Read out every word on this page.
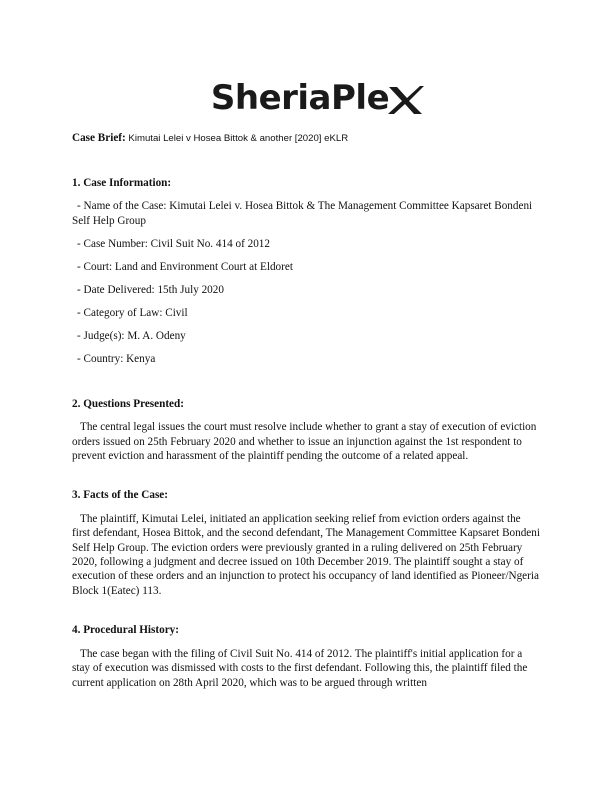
SheriaPle
Case Brief: Kimutai Lelei v Hosea Bittok & another [2020] eKLR
1. Case Information:
- Name of the Case: Kimutai Lelei v. Hosea Bittok & The Management Committee Kapsaret Bondeni Self Help Group
- Case Number: Civil Suit No. 414 of 2012
- Court: Land and Environment Court at Eldoret
- Date Delivered: 15th July 2020
- Category of Law: Civil
- Judge(s): M. A. Odeny
- Country: Kenya
2. Questions Presented:

The central legal issues the court must resolve include whether to grant a stay of execution of eviction orders issued on 25th February 2020 and whether to issue an injunction against the 1st respondent to prevent eviction and harassment of the plaintiff pending the outcome of a related appeal.

3. Facts of the Case:

The plaintiff, Kimutai Lelei, initiated an application seeking relief from eviction orders against the first defendant, Hosea Bittok, and the second defendant, The Management Committee Kapsaret Bondeni Self Help Group. The eviction orders were previously granted in a ruling delivered on 25th February 2020, following a judgment and decree issued on 10th December 2019. The plaintiff sought a stay of execution of these orders and an injunction to protect his occupancy of land identified as Pioneer/Ngeria Block 1(Eatec) 113.

4. Procedural History:

The case began with the filing of Civil Suit No. 414 of 2012. The plaintiff's initial application for a stay of execution was dismissed with costs to the first defendant. Following this, the plaintiff filed the current application on 28th April 2020, which was to be argued through written
